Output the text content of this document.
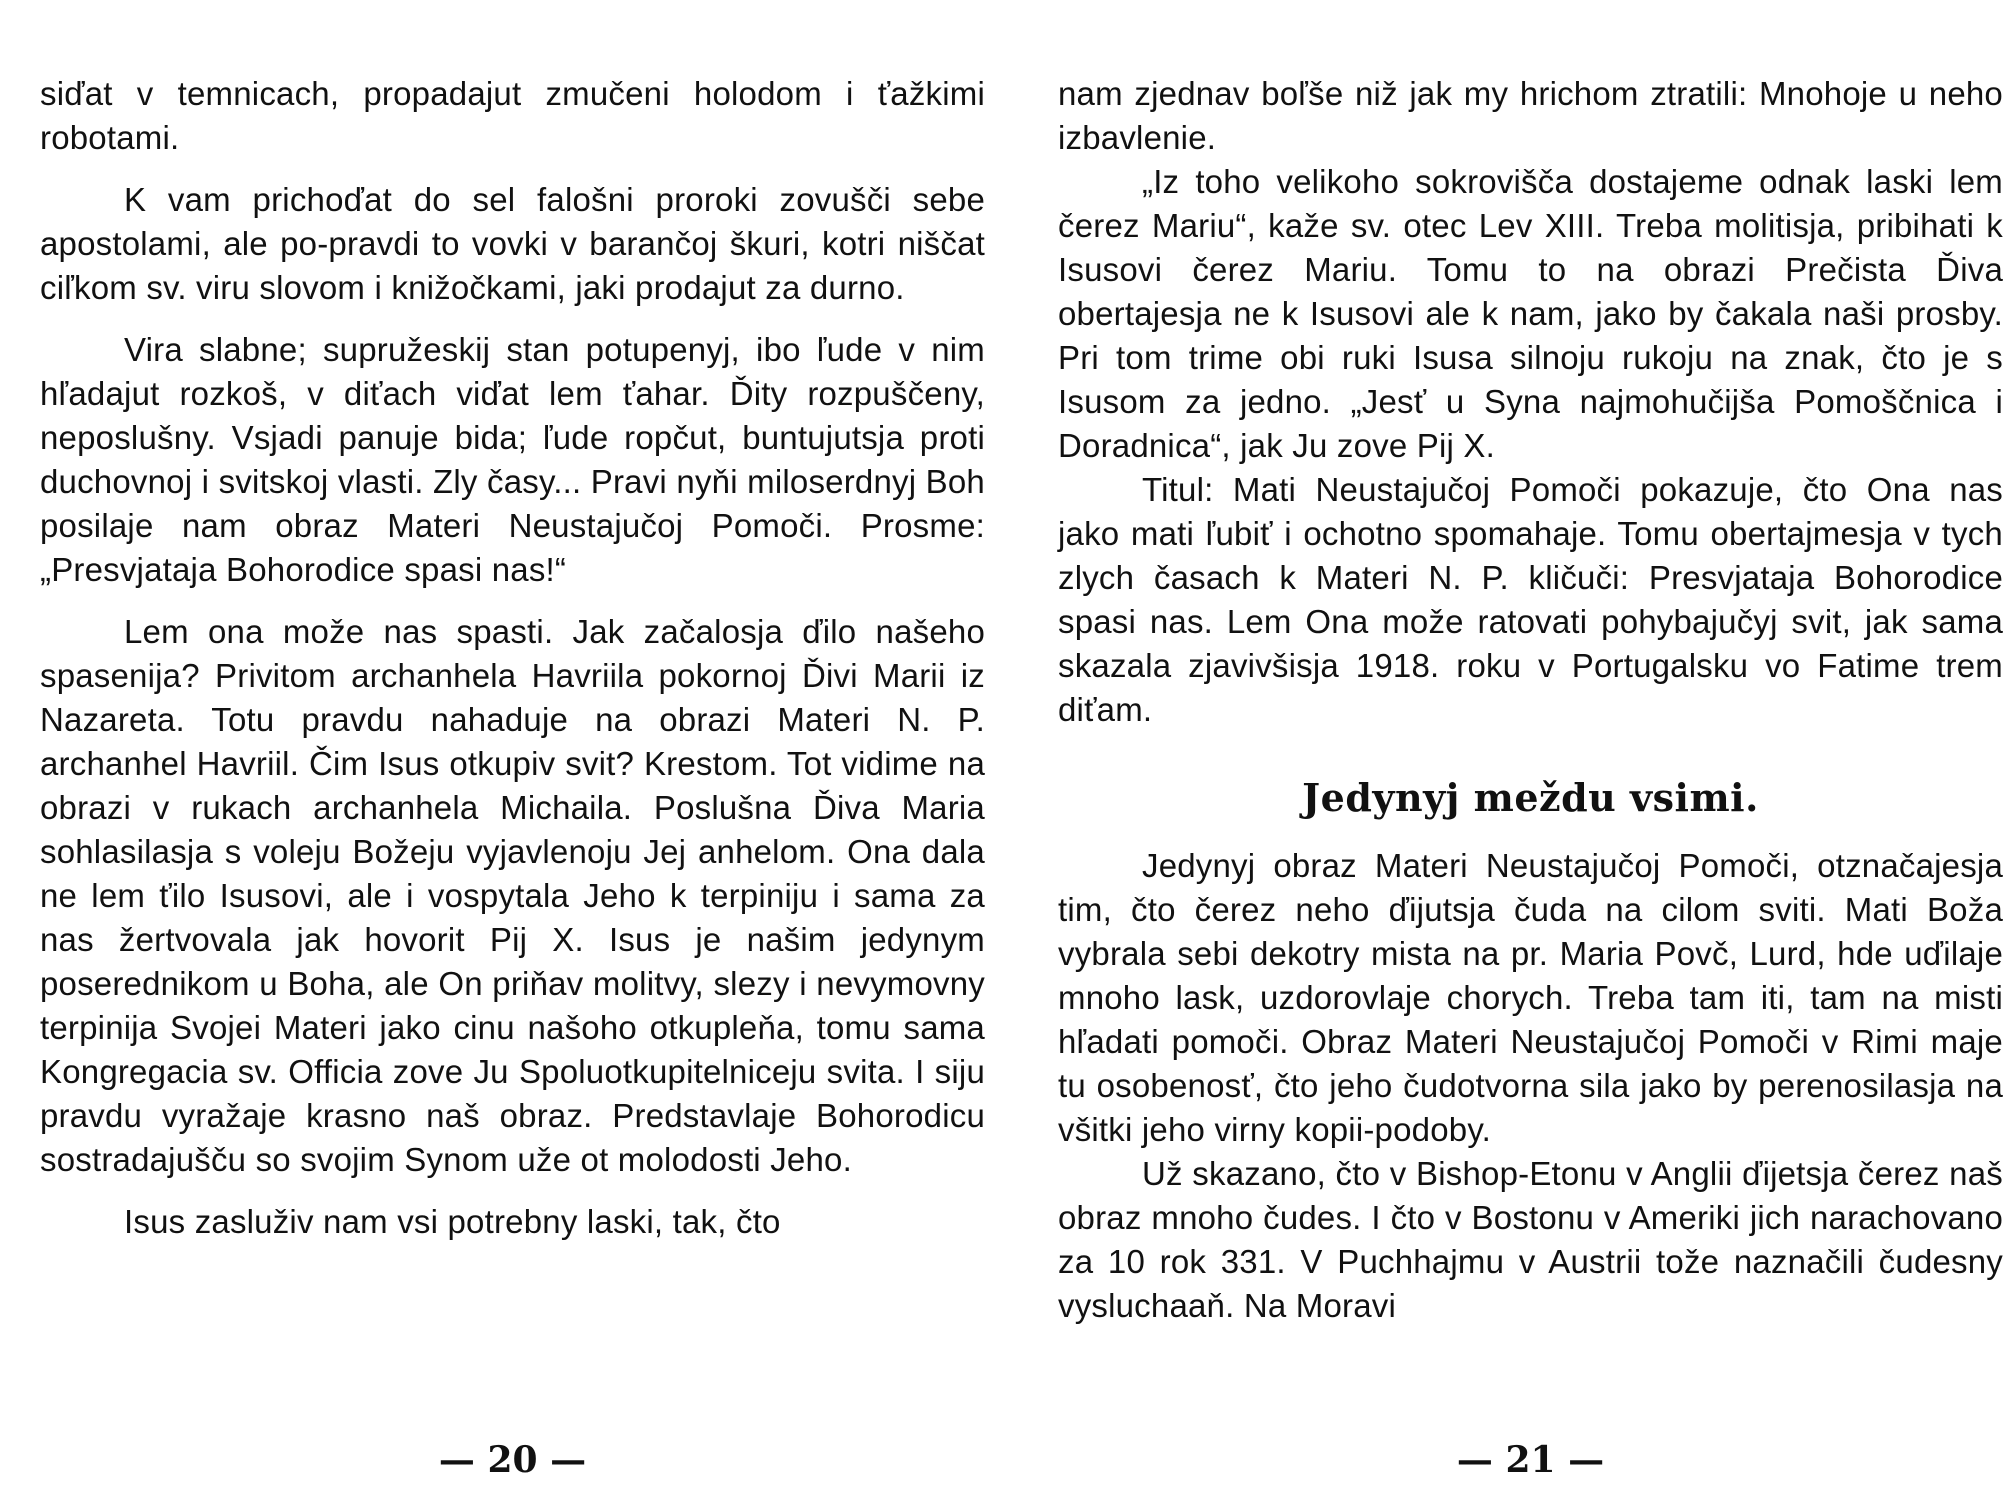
siďat v temnicach, propadajut zmučeni holodom i ťažkimi robotami.

K vam prichoďat do sel falošni proroki zovušči sebe apostolami, ale po-pravdi to vovki v barančoj škuri, kotri niščat ciľkom sv. viru slovom i knižočkami, jaki prodajut za durno.

Vira slabne; supružeskij stan potupenyj, ibo ľude v nim hľadajut rozkoš, v diťach viďat lem ťahar. Ďity rozpuščeny, neposlušny. Vsjadi panuje bida; ľude ropčut, buntujutsja proti duchovnoj i svitskoj vlasti. Zly časy... Pravi nyňi miloserdnyj Boh posilaje nam obraz Materi Neustajučoj Pomoči. Prosme: „Presvjataja Bohorodice spasi nas!“

Lem ona može nas spasti. Jak začalosja ďilo našeho spasenija? Privitom archanhela Havriila pokornoj Ďivi Marii iz Nazareta. Totu pravdu nahaduje na obrazi Materi N. P. archanhel Havriil. Čim Isus otkupiv svit? Krestom. Tot vidime na obrazi v rukach archanhela Michaila. Poslušna Ďiva Maria sohlasilasja s voleju Božeju vyjavlenoju Jej anhelom. Ona dala ne lem ťilo Isusovi, ale i vospytala Jeho k terpiniju i sama za nas žertvovala jak hovorit Pij X. Isus je našim jedynym poserednikom u Boha, ale On priňav molitvy, slezy i nevymovny terpinija Svojei Materi jako cinu našoho otkupleňa, tomu sama Kongregacia sv. Officia zove Ju Spoluotkupitelniceju svita. I siju pravdu vyražaje krasno naš obraz. Predstavlaje Bohorodicu sostradajušču so svojim Synom uže ot molodosti Jeho.

Isus zasluživ nam vsi potrebny laski, tak, čto

— 20 —

nam zjednav boľše niž jak my hrichom ztratili: Mnohoje u neho izbavlenie.

„Iz toho velikoho sokrovišča dostajeme odnak laski lem čerez Mariu“, kaže sv. otec Lev XIII. Treba molitisja, pribihati k Isusovi čerez Mariu. Tomu to na obrazi Prečista Ďiva obertajesja ne k Isusovi ale k nam, jako by čakala naši prosby. Pri tom trime obi ruki Isusa silnoju rukoju na znak, čto je s Isusom za jedno. „Jesť u Syna najmohučijša Pomoščnica i Doradnica“, jak Ju zove Pij X.

Titul: Mati Neustajučoj Pomoči pokazuje, čto Ona nas jako mati ľubiť i ochotno spomahaje. Tomu obertajmesja v tych zlych časach k Materi N. P. kličuči: Presvjataja Bohorodice spasi nas. Lem Ona može ratovati pohybajučyj svit, jak sama skazala zjavivšisja 1918. roku v Portugalsku vo Fatime trem diťam.

Jedynyj meždu vsimi.

Jedynyj obraz Materi Neustajučoj Pomoči, otznačajesja tim, čto čerez neho ďijutsja čuda na cilom sviti. Mati Boža vybrala sebi dekotry mista na pr. Maria Povč, Lurd, hde uďilaje mnoho lask, uzdorovlaje chorych. Treba tam iti, tam na misti hľadati pomoči. Obraz Materi Neustajučoj Pomoči v Rimi maje tu osobenosť, čto jeho čudotvorna sila jako by perenosilasja na všitki jeho virny kopii-podoby.

Už skazano, čto v Bishop-Etonu v Anglii ďijetsja čerez naš obraz mnoho čudes. I čto v Bostonu v Ameriki jich narachovano za 10 rok 331. V Puchhajmu v Austrii tože naznačili čudesny vysluchaaň. Na Moravi

— 21 —
